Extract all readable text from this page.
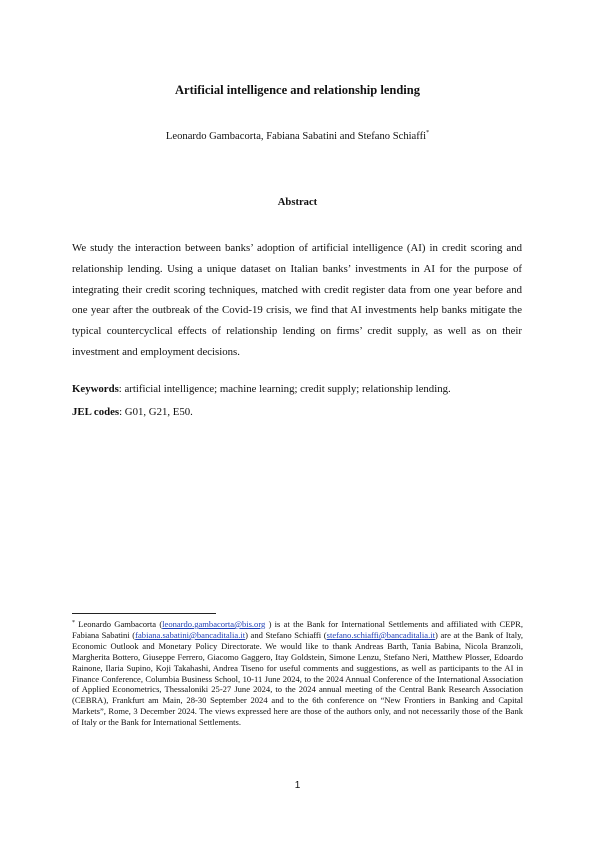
Artificial intelligence and relationship lending
Leonardo Gambacorta, Fabiana Sabatini and Stefano Schiaffi*
Abstract

We study the interaction between banks’ adoption of artificial intelligence (AI) in credit scoring and relationship lending. Using a unique dataset on Italian banks’ investments in AI for the purpose of integrating their credit scoring techniques, matched with credit register data from one year before and one year after the outbreak of the Covid-19 crisis, we find that AI investments help banks mitigate the typical countercyclical effects of relationship lending on firms’ credit supply, as well as on their investment and employment decisions.

Keywords: artificial intelligence; machine learning; credit supply; relationship lending.

JEL codes: G01, G21, E50.

* Leonardo Gambacorta (leonardo.gambacorta@bis.org ) is at the Bank for International Settlements and affiliated with CEPR, Fabiana Sabatini (fabiana.sabatini@bancaditalia.it) and Stefano Schiaffi (stefano.schiaffi@bancaditalia.it) are at the Bank of Italy, Economic Outlook and Monetary Policy Directorate. We would like to thank Andreas Barth, Tania Babina, Nicola Branzoli, Margherita Bottero, Giuseppe Ferrero, Giacomo Gaggero, Itay Goldstein, Simone Lenzu, Stefano Neri, Matthew Plosser, Edoardo Rainone, Ilaria Supino, Koji Takahashi, Andrea Tiseno for useful comments and suggestions, as well as participants to the AI in Finance Conference, Columbia Business School, 10-11 June 2024, to the 2024 Annual Conference of the International Association of Applied Econometrics, Thessaloniki 25-27 June 2024, to the 2024 annual meeting of the Central Bank Research Association (CEBRA), Frankfurt am Main, 28-30 September 2024 and to the 6th conference on “New Frontiers in Banking and Capital Markets”, Rome, 3 December 2024. The views expressed here are those of the authors only, and not necessarily those of the Bank of Italy or the Bank for International Settlements.

1
